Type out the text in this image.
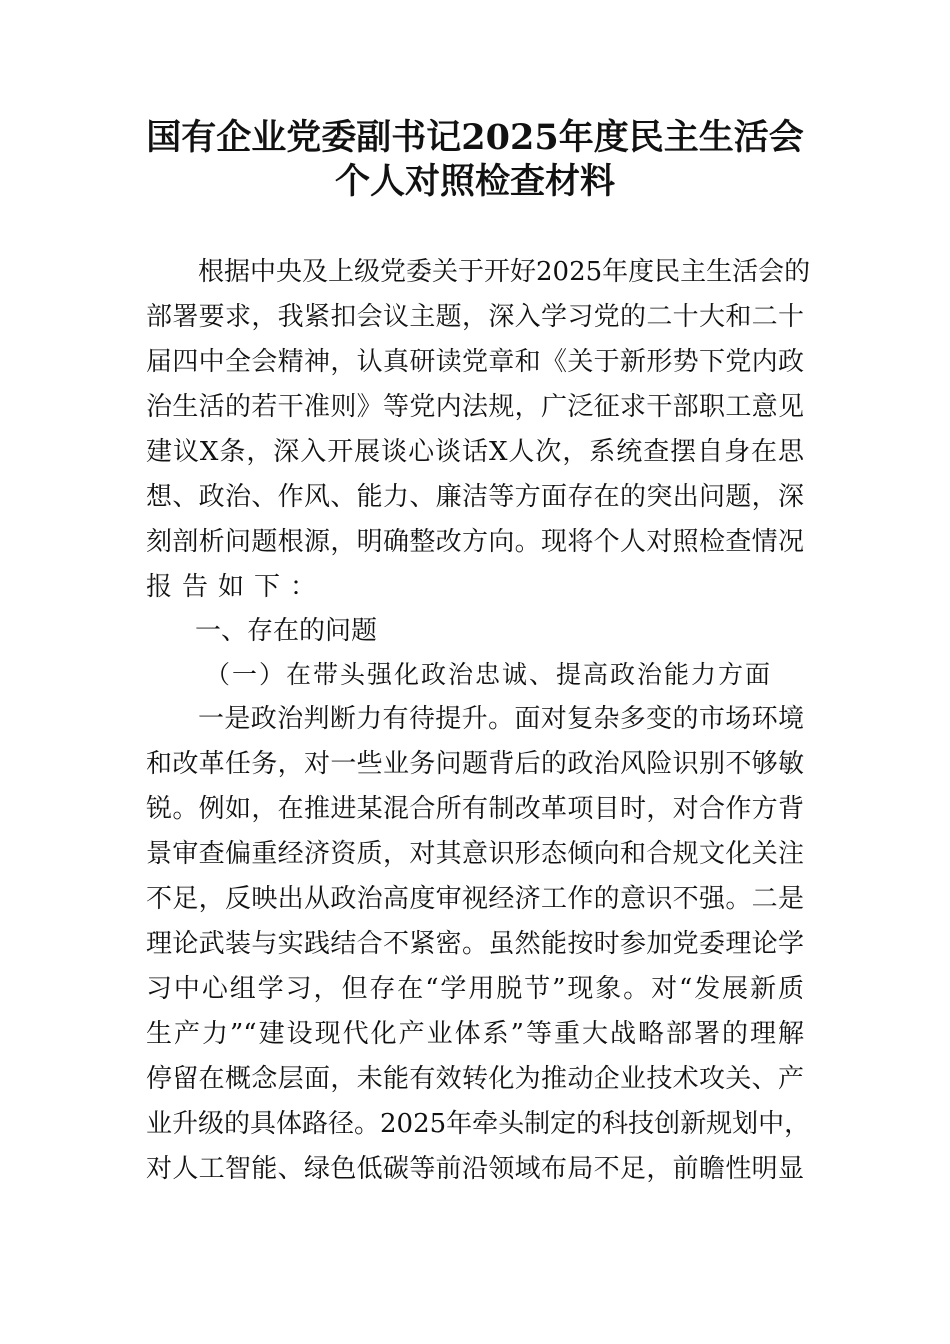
国有企业党委副书记2025年度民主生活会
个人对照检查材料
根据中央及上级党委关于开好2025年度民主生活会的
部署要求，我紧扣会议主题，深入学习党的二十大和二十
届四中全会精神，认真研读党章和《关于新形势下党内政
治生活的若干准则》等党内法规，广泛征求干部职工意见
建议X条，深入开展谈心谈话X人次，系统查摆自身在思
想、政治、作风、能力、廉洁等方面存在的突出问题，深
刻剖析问题根源，明确整改方向。现将个人对照检查情况
报告如下：
一、存在的问题
（一）在带头强化政治忠诚、提高政治能力方面
一是政治判断力有待提升。面对复杂多变的市场环境
和改革任务，对一些业务问题背后的政治风险识别不够敏
锐。例如，在推进某混合所有制改革项目时，对合作方背
景审查偏重经济资质，对其意识形态倾向和合规文化关注
不足，反映出从政治高度审视经济工作的意识不强。二是
理论武装与实践结合不紧密。虽然能按时参加党委理论学
习中心组学习，但存在“学用脱节”现象。对“发展新质
生产力”“建设现代化产业体系”等重大战略部署的理解
停留在概念层面，未能有效转化为推动企业技术攻关、产
业升级的具体路径。2025年牵头制定的科技创新规划中，
对人工智能、绿色低碳等前沿领域布局不足，前瞻性明显
